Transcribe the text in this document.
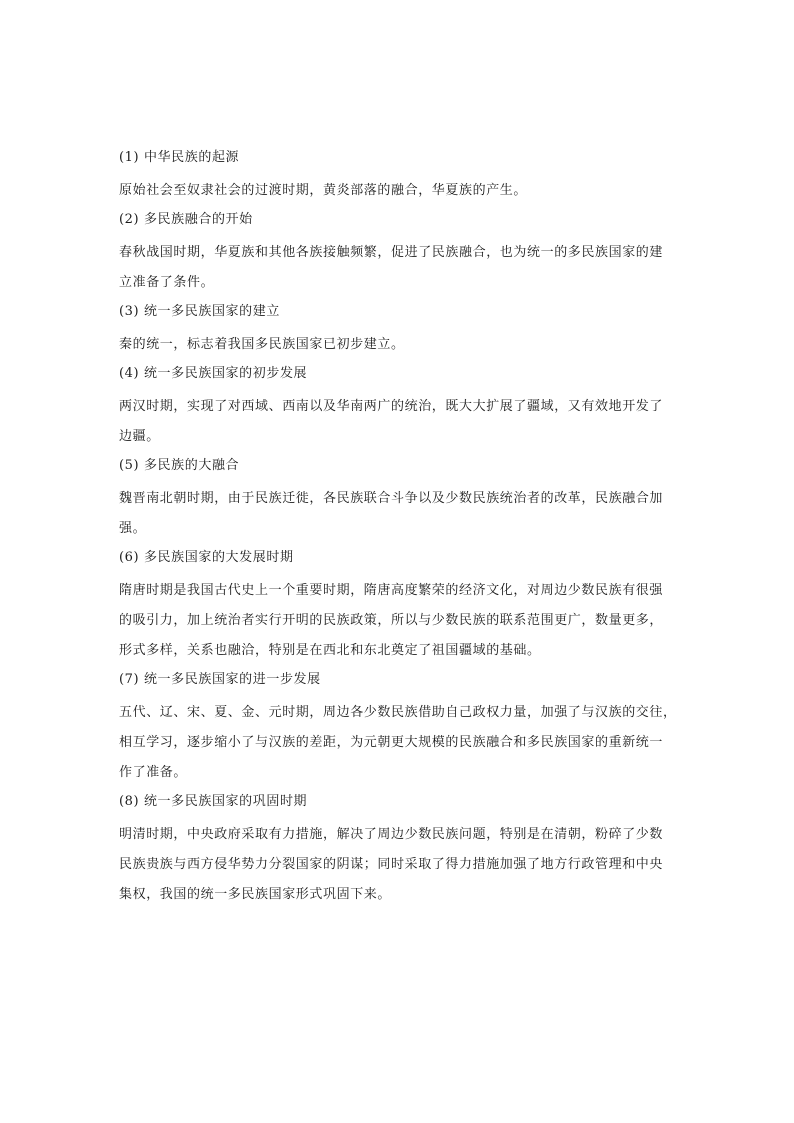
(1) 中华民族的起源
原始社会至奴隶社会的过渡时期，黄炎部落的融合，华夏族的产生。
(2) 多民族融合的开始
春秋战国时期，华夏族和其他各族接触频繁，促进了民族融合，也为统一的多民族国家的建
立准备了条件。
(3) 统一多民族国家的建立
秦的统一，标志着我国多民族国家已初步建立。
(4) 统一多民族国家的初步发展
两汉时期，实现了对西域、西南以及华南两广的统治，既大大扩展了疆域，又有效地开发了
边疆。
(5) 多民族的大融合
魏晋南北朝时期，由于民族迁徙，各民族联合斗争以及少数民族统治者的改革，民族融合加
强。
(6) 多民族国家的大发展时期
隋唐时期是我国古代史上一个重要时期，隋唐高度繁荣的经济文化，对周边少数民族有很强
的吸引力，加上统治者实行开明的民族政策，所以与少数民族的联系范围更广，数量更多，
形式多样，关系也融洽，特别是在西北和东北奠定了祖国疆域的基础。
(7) 统一多民族国家的进一步发展
五代、辽、宋、夏、金、元时期，周边各少数民族借助自己政权力量，加强了与汉族的交往，
相互学习，逐步缩小了与汉族的差距，为元朝更大规模的民族融合和多民族国家的重新统一
作了准备。
(8) 统一多民族国家的巩固时期
明清时期，中央政府采取有力措施，解决了周边少数民族问题，特别是在清朝，粉碎了少数
民族贵族与西方侵华势力分裂国家的阴谋；同时采取了得力措施加强了地方行政管理和中央
集权，我国的统一多民族国家形式巩固下来。
